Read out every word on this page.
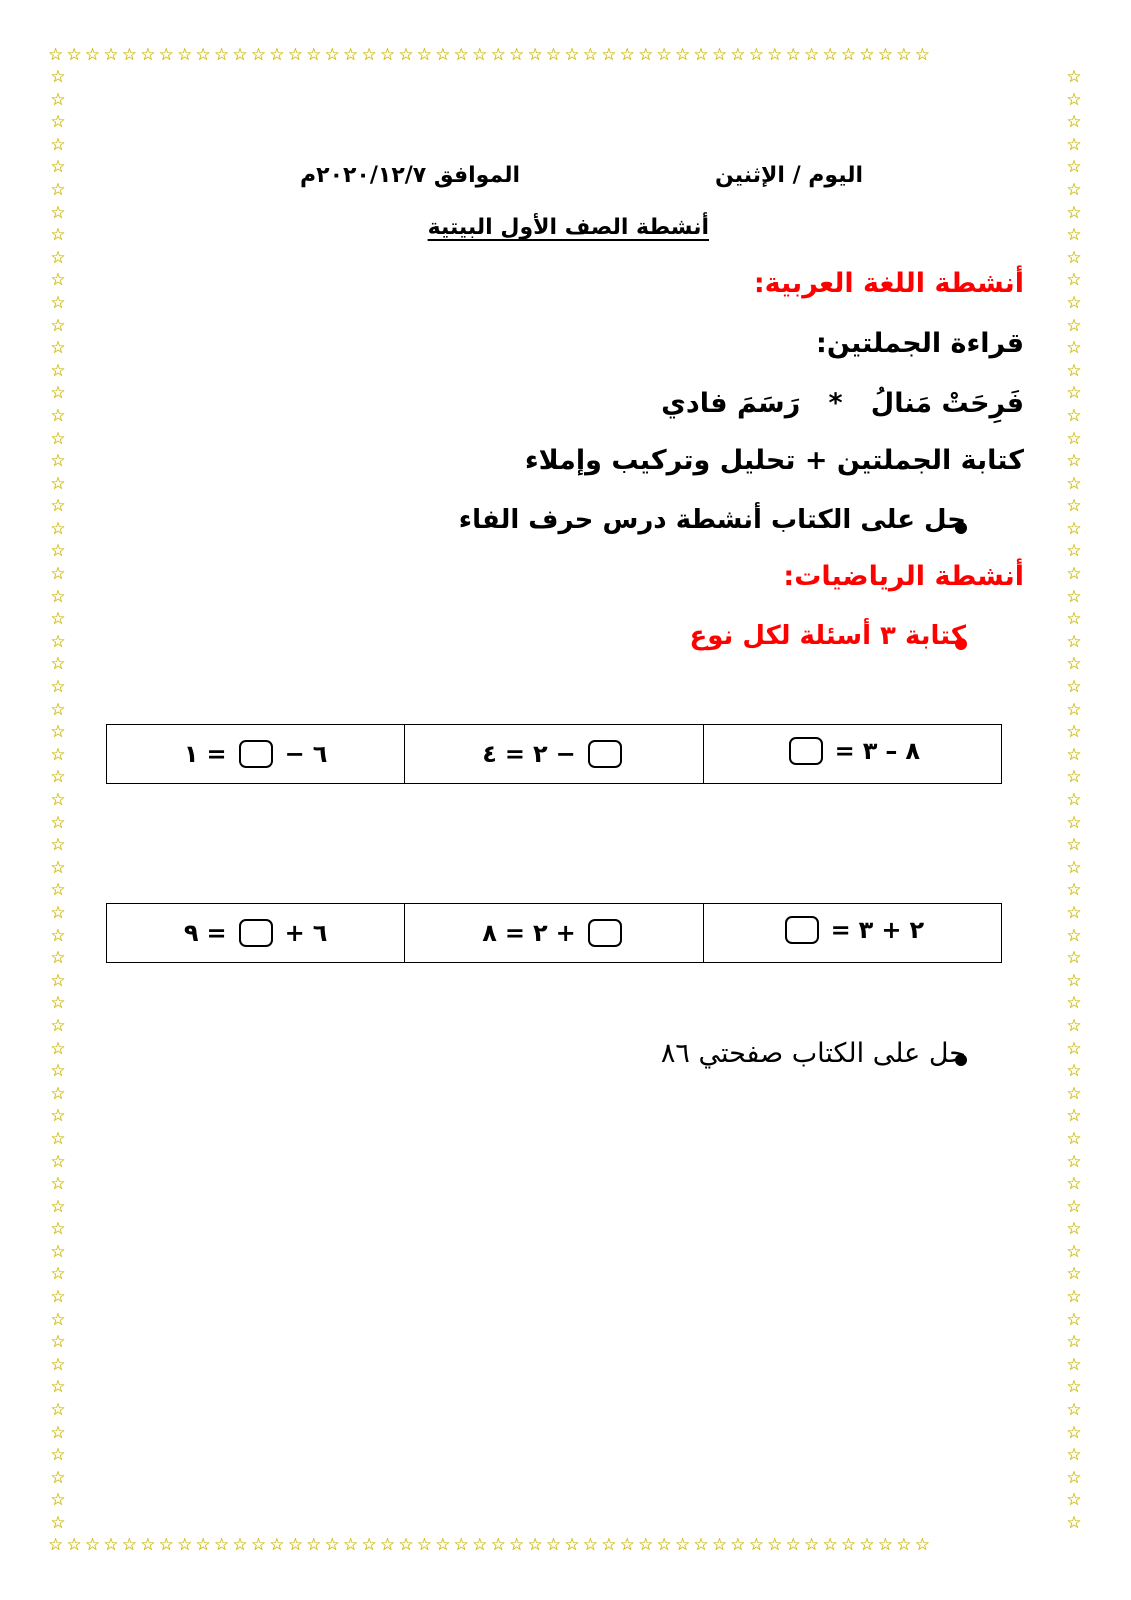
☆☆☆☆☆☆☆☆☆☆☆☆☆☆☆☆☆☆☆☆☆☆☆☆☆☆☆☆☆☆☆☆☆☆☆☆☆☆☆☆☆☆☆☆☆☆☆☆
☆☆☆☆☆☆☆☆☆☆☆☆☆☆☆☆☆☆☆☆☆☆☆☆☆☆☆☆☆☆☆☆☆☆☆☆☆☆☆☆☆☆☆☆☆☆☆☆
☆
☆
☆
☆
☆
☆
☆
☆
☆
☆
☆
☆
☆
☆
☆
☆
☆
☆
☆
☆
☆
☆
☆
☆
☆
☆
☆
☆
☆
☆
☆
☆
☆
☆
☆
☆
☆
☆
☆
☆
☆
☆
☆
☆
☆
☆
☆
☆
☆
☆
☆
☆
☆
☆
☆
☆
☆
☆
☆
☆
☆
☆
☆
☆
☆
☆
☆
☆
☆
☆
☆
☆
☆
☆
☆
☆
☆
☆
☆
☆
☆
☆
☆
☆
☆
☆
☆
☆
☆
☆
☆
☆
☆
☆
☆
☆
☆
☆
☆
☆
☆
☆
☆
☆
☆
☆
☆
☆
☆
☆
☆
☆
☆
☆
☆
☆
☆
☆
☆
☆
☆
☆
☆
☆
☆
☆
☆
☆
☆
☆
اليوم / الإثنين
الموافق ٢٠٢٠/١٢/٧م
أنشطة الصف الأول البيتية
أنشطة اللغة العربية:
قراءة الجملتين:
فَرِحَتْ مَنالُ   *   رَسَمَ فادي
كتابة الجملتين + تحليل وتركيب وإملاء
حل على الكتاب أنشطة درس حرف الفاء
أنشطة الرياضيات:
كتابة ٣ أسئلة لكل نوع
حل على الكتاب صفحتي ٨٦
١ = − ٦	٤ = ٢ −	= ٣ – ٨
٩ = + ٦	٨ = ٢ +	= ٣ + ٢
